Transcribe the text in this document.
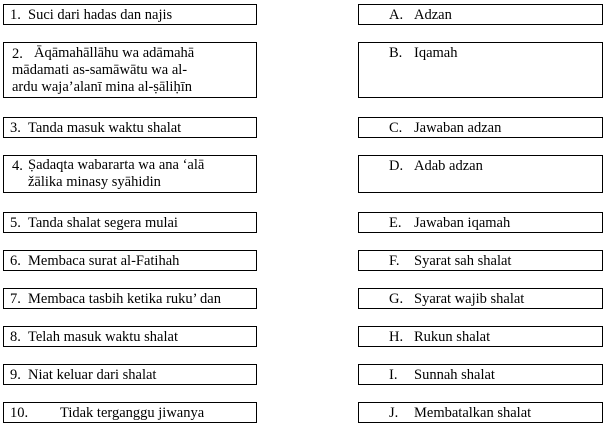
1. Suci dari hadas dan najis
2. Āqāmahāllāhu wa adāmahā
mādamati as-samāwātu wa al-
ardu waja’alanī mina al-ṣāliḥīn
3. Tanda masuk waktu shalat
4. Ṣadaqta wabararta wa ana ‘alā
žālika minasy syāhidin
5. Tanda shalat segera mulai
6. Membaca surat al-Fatihah
7. Membaca tasbih ketika ruku’ dan
8. Telah masuk waktu shalat
9. Niat keluar dari shalat
10. Tidak terganggu jiwanya
A. Adzan
B. Iqamah
C. Jawaban adzan
D. Adab adzan
E. Jawaban iqamah
F. Syarat sah shalat
G. Syarat wajib shalat
H. Rukun shalat
I. Sunnah shalat
J. Membatalkan shalat
